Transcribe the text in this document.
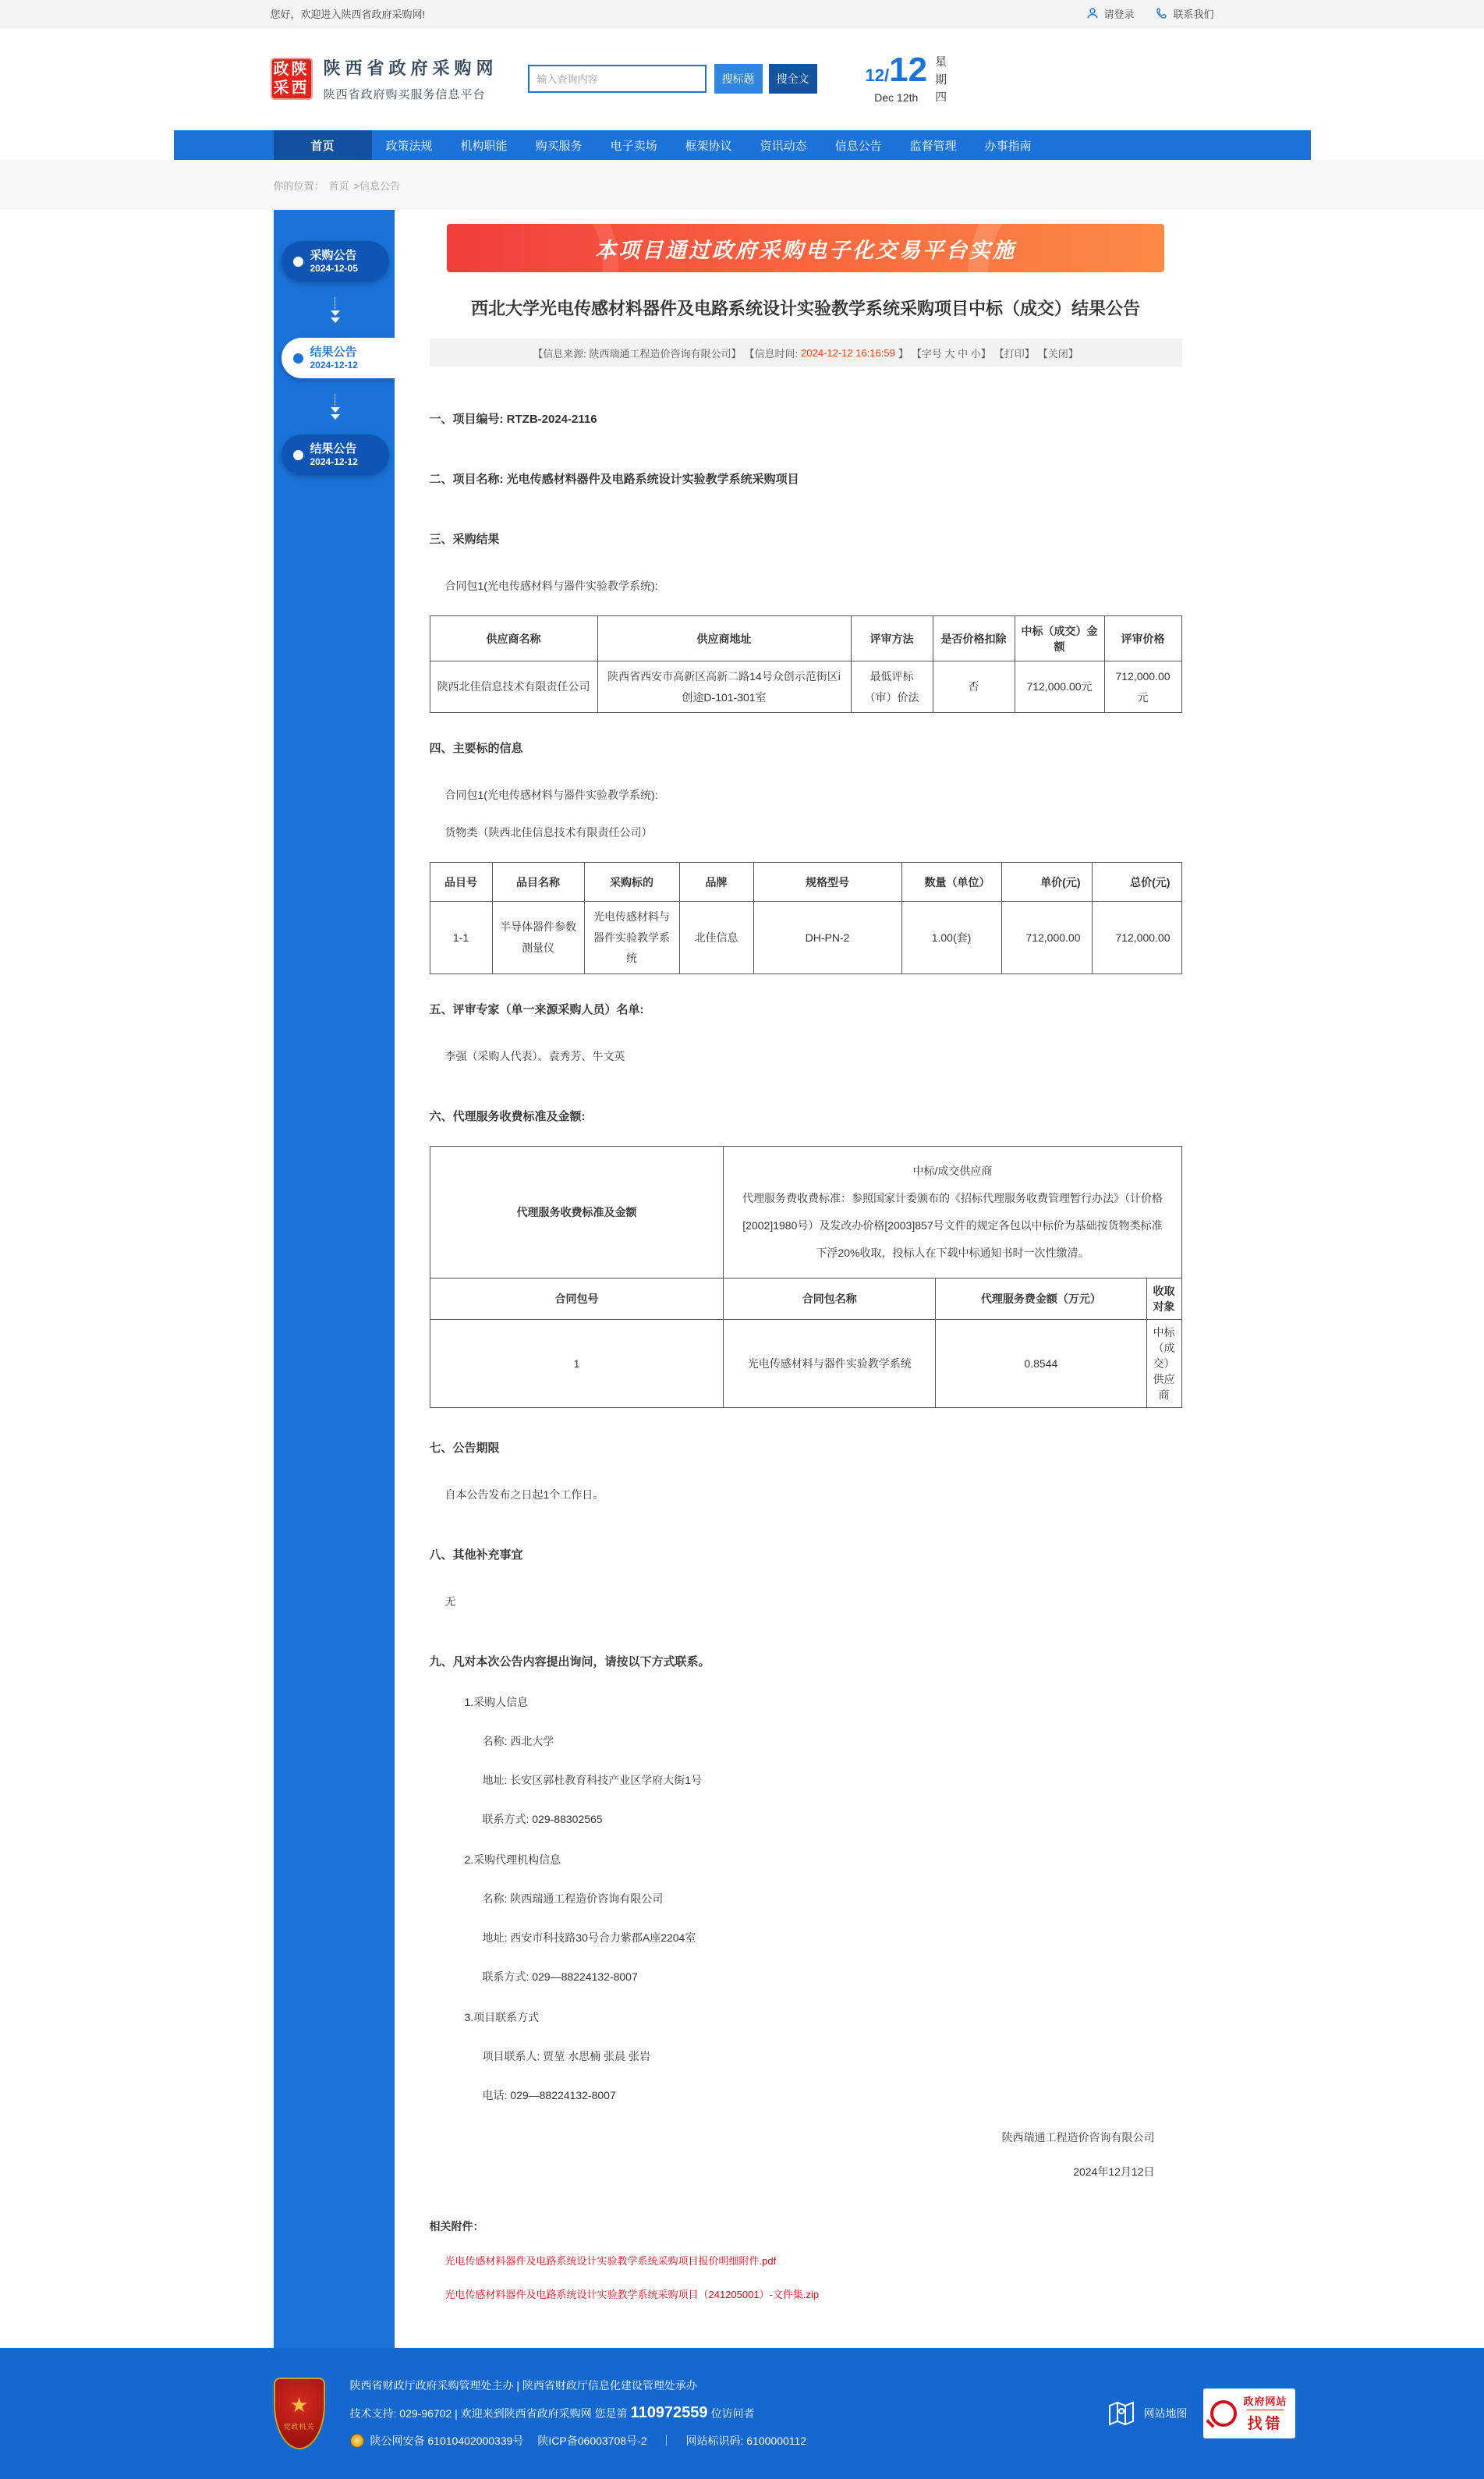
您好，欢迎进入陕西省政府采购网!	请登录	联系我们
政陕
采西
陕西省政府采购网
陕西省政府购买服务信息平台
输入查询内容
搜标题	搜全文	12/12
Dec 12th
星期四
首页	政策法规	机构职能	购买服务	电子卖场	框架协议	资讯动态	信息公告	监督管理	办事指南
你的位置： 首页 >信息公告
采购公告
2024-12-05
结果公告
2024-12-12
结果公告
2024-12-12
本项目通过政府采购电子化交易平台实施
西北大学光电传感材料器件及电路系统设计实验教学系统采购项目中标（成交）结果公告
【信息来源: 陕西瑞通工程造价咨询有限公司】 【信息时间: 2024-12-12 16:16:59 】 【字号 大 中 小】 【打印】 【关闭】
一、项目编号: RTZB-2024-2116
二、项目名称: 光电传感材料器件及电路系统设计实验教学系统采购项目
三、采购结果
合同包1(光电传感材料与器件实验教学系统):
供应商名称	供应商地址	评审方法	是否价格扣除	中标（成交）金额	评审价格
陕西北佳信息技术有限责任公司	陕西省西安市高新区高新二路14号众创示范街区i创途D-101-301室	最低评标（审）价法	否	712,000.00元	712,000.00元
四、主要标的信息
合同包1(光电传感材料与器件实验教学系统):
货物类（陕西北佳信息技术有限责任公司）
品目号	品目名称	采购标的	品牌	规格型号	数量（单位）	单价(元)	总价(元)
1-1	半导体器件参数测量仪	光电传感材料与器件实验教学系统	北佳信息	DH-PN-2	1.00(套)	712,000.00	712,000.00
五、评审专家（单一来源采购人员）名单:
李强（采购人代表）、袁秀芳、牛文英
六、代理服务收费标准及金额:
代理服务收费标准及金额	中标/成交供应商
代理服务费收费标准：参照国家计委颁布的《招标代理服务收费管理暂行办法》（计价格[2002]1980号）及发改办价格[2003]857号文件的规定各包以中标价为基础按货物类标准下浮20%收取，投标人在下载中标通知书时一次性缴清。		

合同包号	合同包名称	代理服务费金额（万元）	收取对象
1	光电传感材料与器件实验教学系统	0.8544	中标（成交）供应商
七、公告期限
自本公告发布之日起1个工作日。
八、其他补充事宜
无
九、凡对本次公告内容提出询问，请按以下方式联系。
1.采购人信息
名称: 西北大学
地址: 长安区郭杜教育科技产业区学府大街1号
联系方式: 029-88302565
2.采购代理机构信息
名称: 陕西瑞通工程造价咨询有限公司
地址: 西安市科技路30号合力紫郡A座2204室
联系方式: 029—88224132-8007
3.项目联系方式
项目联系人: 贾堃 水思楠 张晨 张岩
电话: 029—88224132-8007
陕西瑞通工程造价咨询有限公司
2024年12月12日
相关附件：
光电传感材料器件及电路系统设计实验教学系统采购项目报价明细附件.pdf
光电传感材料器件及电路系统设计实验教学系统采购项目（241205001）-文件集.zip
★
党政机关
陕西省财政厅政府采购管理处主办 | 陕西省财政厅信息化建设管理处承办
技术支持: 029-96702 | 欢迎来到陕西省政府采购网 您是第 110972559 位访问者
陕公网安备 61010402000339号 陕ICP备06003708号-2 ｜ 网站标识码: 6100000112
网站地图
政府网站
找错
